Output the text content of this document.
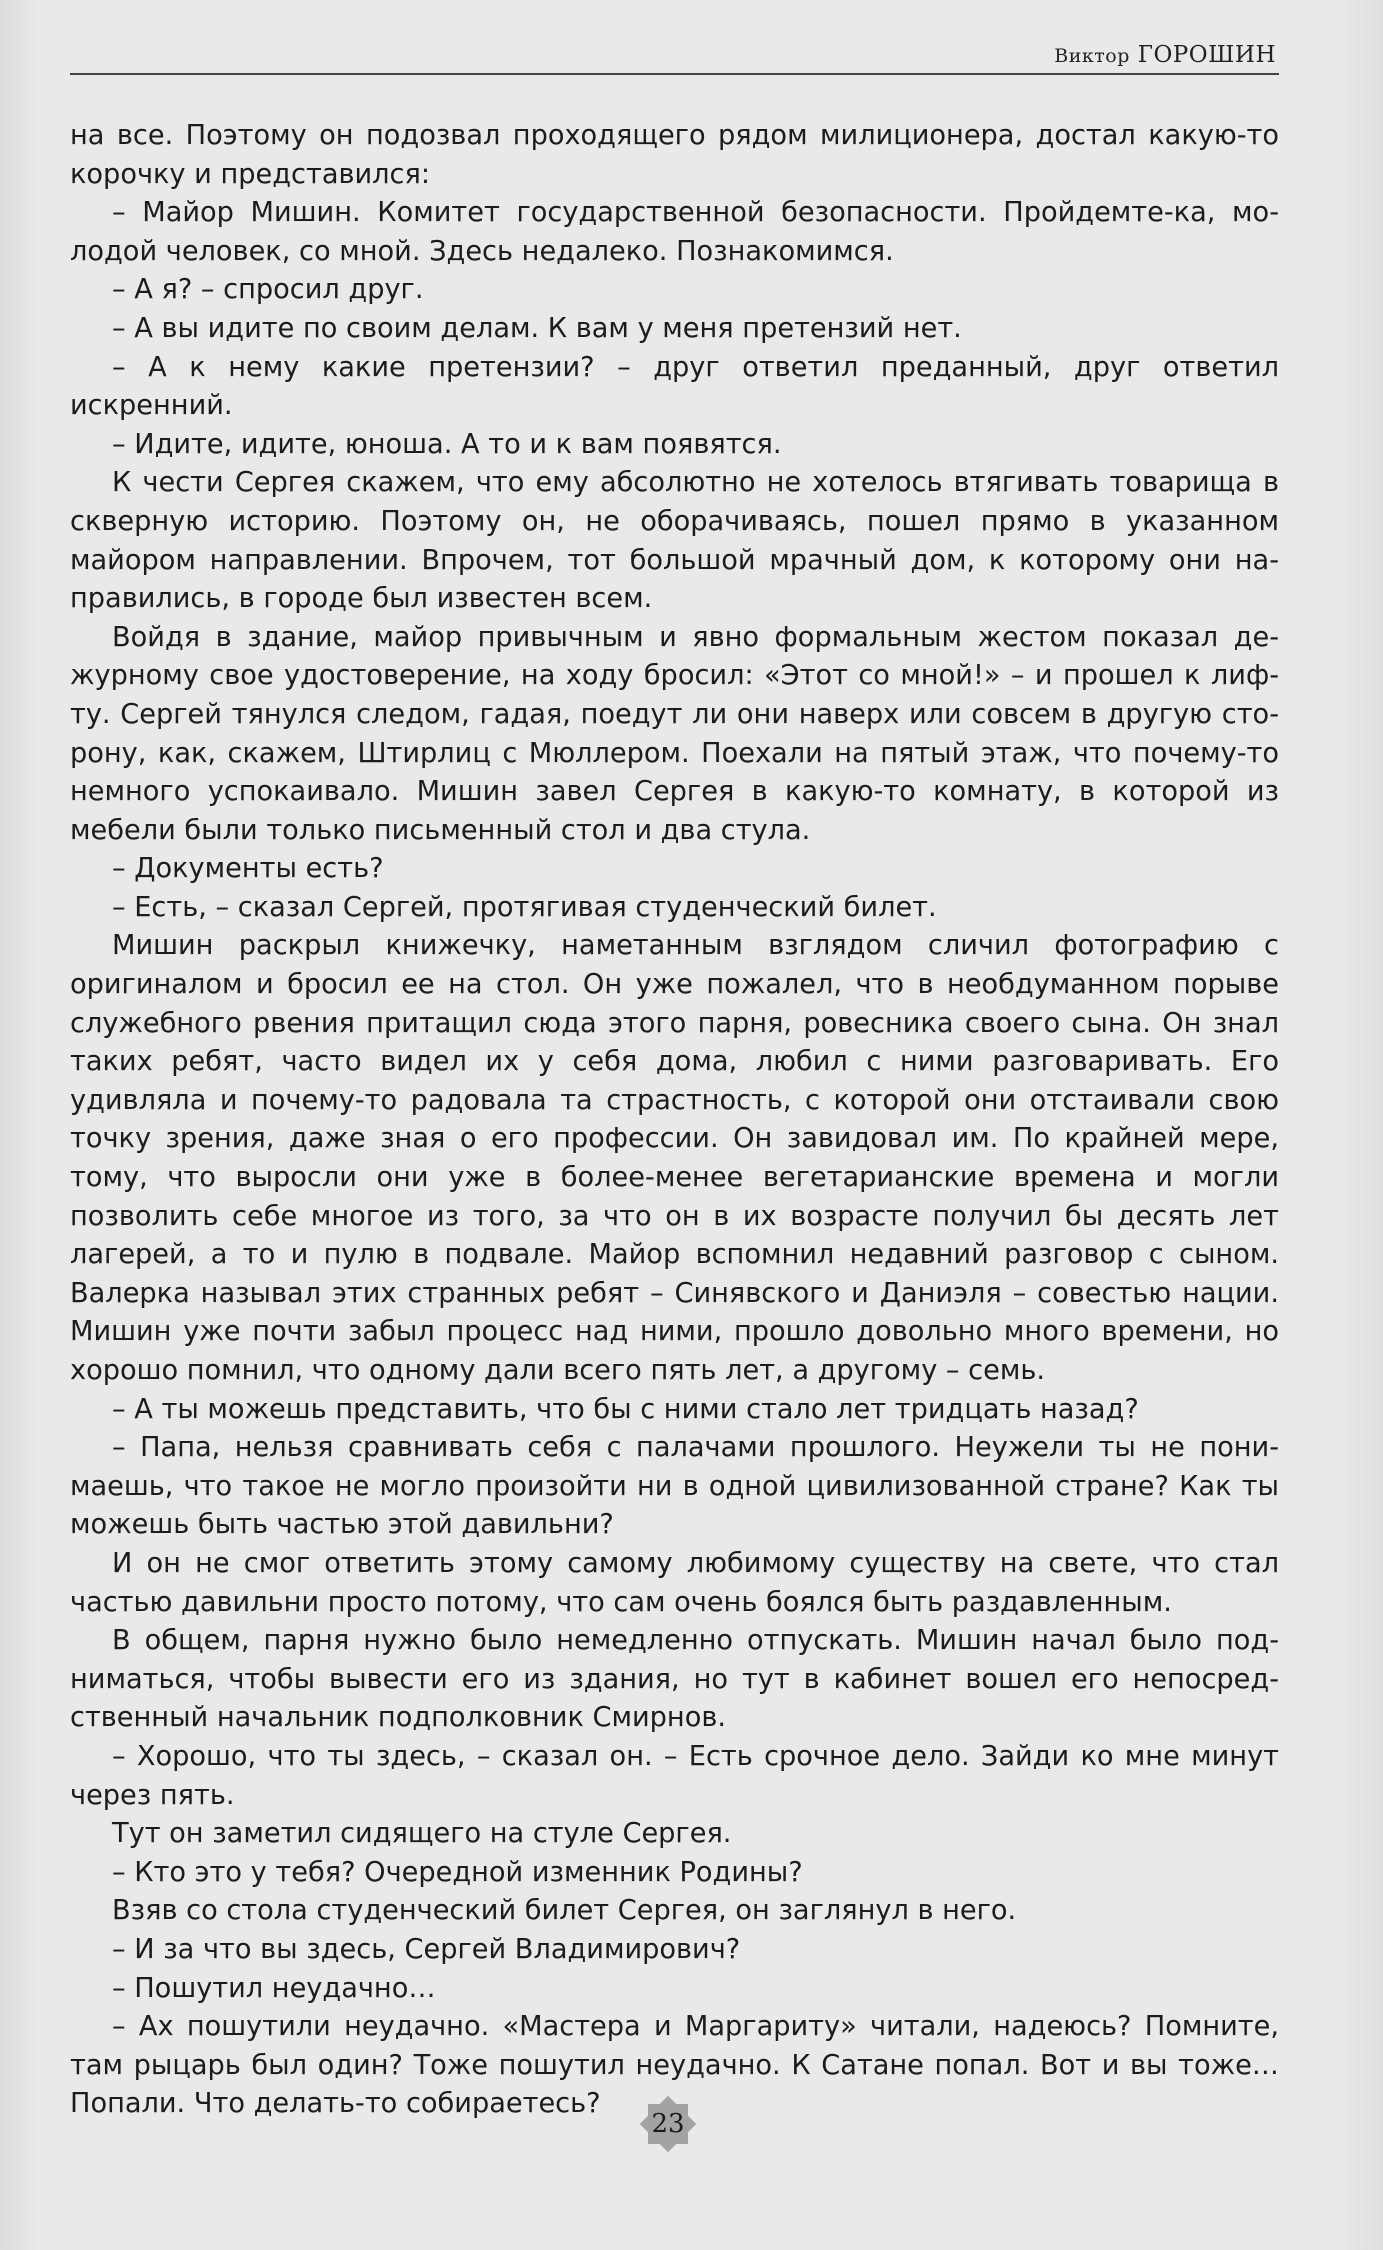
Виктор ГОРОШИН

на все. Поэтому он подозвал проходящего рядом милиционера, достал какую-то корочку и представился:

– Майор Мишин. Комитет государственной безопасности. Пройдемте-ка, молодой человек, со мной. Здесь недалеко. Познакомимся.

– А я? – спросил друг.

– А вы идите по своим делам. К вам у меня претензий нет.

– А к нему какие претензии? – друг ответил преданный, друг ответил искренний.

– Идите, идите, юноша. А то и к вам появятся.

К чести Сергея скажем, что ему абсолютно не хотелось втягивать товарища в скверную историю. Поэтому он, не оборачиваясь, пошел прямо в указанном майором направлении. Впрочем, тот большой мрачный дом, к которому они направились, в городе был известен всем.

Войдя в здание, майор привычным и явно формальным жестом показал дежурному свое удостоверение, на ходу бросил: «Этот со мной!» – и прошел к лифту. Сергей тянулся следом, гадая, поедут ли они наверх или совсем в другую сторону, как, скажем, Штирлиц с Мюллером. Поехали на пятый этаж, что почему-то немного успокаивало. Мишин завел Сергея в какую-то комнату, в которой из мебели были только письменный стол и два стула.

– Документы есть?

– Есть, – сказал Сергей, протягивая студенческий билет.

Мишин раскрыл книжечку, наметанным взглядом сличил фотографию с оригиналом и бросил ее на стол. Он уже пожалел, что в необдуманном порыве служебного рвения притащил сюда этого парня, ровесника своего сына. Он знал таких ребят, часто видел их у себя дома, любил с ними разговаривать. Его удивляла и почему-то радовала та страстность, с которой они отстаивали свою точку зрения, даже зная о его профессии. Он завидовал им. По крайней мере, тому, что выросли они уже в более-менее вегетарианские времена и могли позволить себе многое из того, за что он в их возрасте получил бы десять лет лагерей, а то и пулю в подвале. Майор вспомнил недавний разговор с сыном. Валерка называл этих странных ребят – Синявского и Даниэля – совестью нации. Мишин уже почти забыл процесс над ними, прошло довольно много времени, но хорошо помнил, что одному дали всего пять лет, а другому – семь.

– А ты можешь представить, что бы с ними стало лет тридцать назад?

– Папа, нельзя сравнивать себя с палачами прошлого. Неужели ты не понимаешь, что такое не могло произойти ни в одной цивилизованной стране? Как ты можешь быть частью этой давильни?

И он не смог ответить этому самому любимому существу на свете, что стал частью давильни просто потому, что сам очень боялся быть раздавленным.

В общем, парня нужно было немедленно отпускать. Мишин начал было подниматься, чтобы вывести его из здания, но тут в кабинет вошел его непосредственный начальник подполковник Смирнов.

– Хорошо, что ты здесь, – сказал он. – Есть срочное дело. Зайди ко мне минут через пять.

Тут он заметил сидящего на стуле Сергея.

– Кто это у тебя? Очередной изменник Родины?

Взяв со стола студенческий билет Сергея, он заглянул в него.

– И за что вы здесь, Сергей Владимирович?

– Пошутил неудачно…

– Ах пошутили неудачно. «Мастера и Маргариту» читали, надеюсь? Помните, там рыцарь был один? Тоже пошутил неудачно. К Сатане попал. Вот и вы тоже… Попали. Что делать-то собираетесь?

23
